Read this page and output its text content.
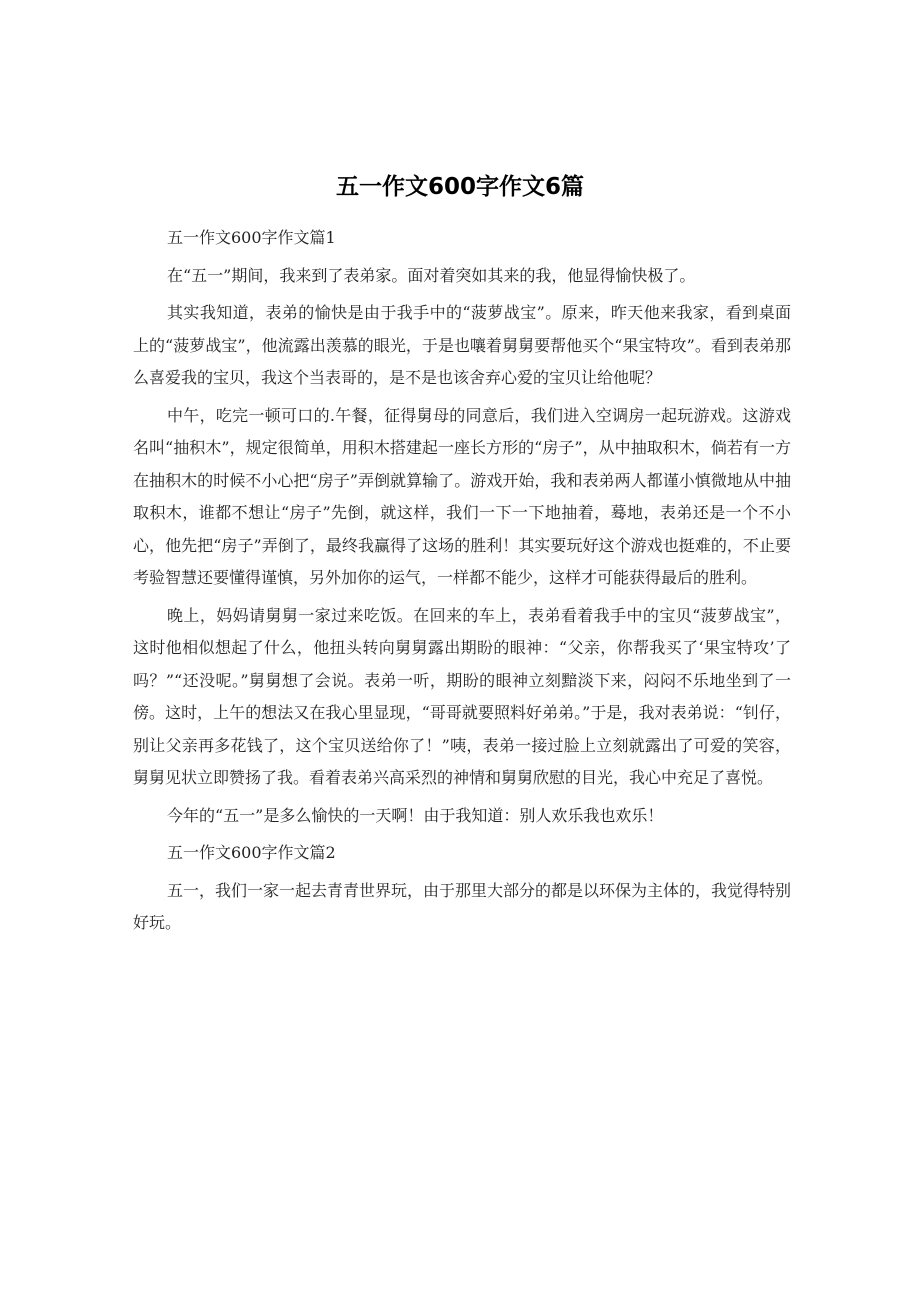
五一作文600字作文6篇

五一作文600字作文篇1

在“五一”期间，我来到了表弟家。面对着突如其来的我，他显得愉快极了。

其实我知道，表弟的愉快是由于我手中的“菠萝战宝”。原来，昨天他来我家，看到桌面上的“菠萝战宝”，他流露出羡慕的眼光，于是也嚷着舅舅要帮他买个“果宝特攻”。看到表弟那么喜爱我的宝贝，我这个当表哥的，是不是也该舍弃心爱的宝贝让给他呢？

中午，吃完一顿可口的.午餐，征得舅母的同意后，我们进入空调房一起玩游戏。这游戏名叫“抽积木”，规定很简单，用积木搭建起一座长方形的“房子”，从中抽取积木，倘若有一方在抽积木的时候不小心把“房子”弄倒就算输了。游戏开始，我和表弟两人都谨小慎微地从中抽取积木，谁都不想让“房子”先倒，就这样，我们一下一下地抽着，蓦地，表弟还是一个不小心，他先把“房子”弄倒了，最终我赢得了这场的胜利！其实要玩好这个游戏也挺难的，不止要考验智慧还要懂得谨慎，另外加你的运气，一样都不能少，这样才可能获得最后的胜利。

晚上，妈妈请舅舅一家过来吃饭。在回来的车上，表弟看着我手中的宝贝“菠萝战宝”，这时他相似想起了什么，他扭头转向舅舅露出期盼的眼神：“父亲，你帮我买了‘果宝特攻’了吗？”“还没呢。”舅舅想了会说。表弟一听，期盼的眼神立刻黯淡下来，闷闷不乐地坐到了一傍。这时，上午的想法又在我心里显现，“哥哥就要照料好弟弟。”于是，我对表弟说：“钊仔，别让父亲再多花钱了，这个宝贝送给你了！”咦，表弟一接过脸上立刻就露出了可爱的笑容，舅舅见状立即赞扬了我。看着表弟兴高采烈的神情和舅舅欣慰的目光，我心中充足了喜悦。

今年的“五一”是多么愉快的一天啊！由于我知道：别人欢乐我也欢乐！

五一作文600字作文篇2

五一，我们一家一起去青青世界玩，由于那里大部分的都是以环保为主体的，我觉得特别好玩。
